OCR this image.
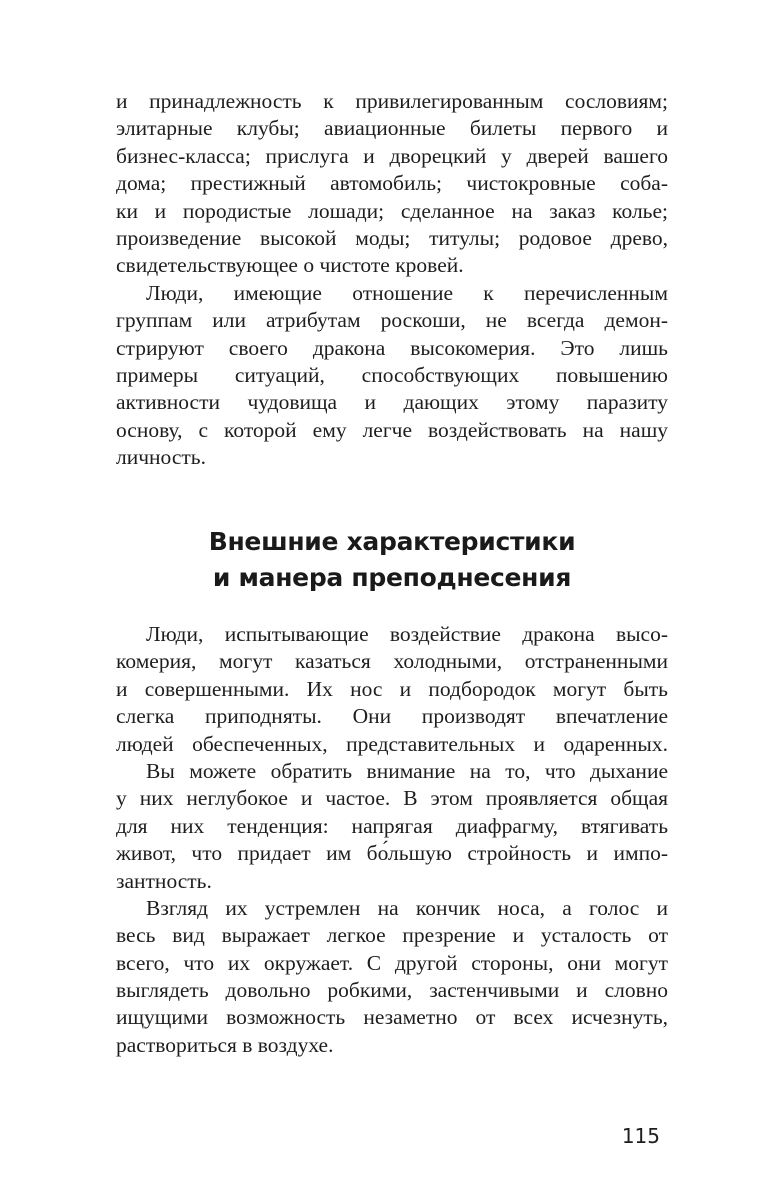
и принадлежность к привилегированным сословиям;
элитарные клубы; авиационные билеты первого и
бизнес-класса; прислуга и дворецкий у дверей вашего
дома; престижный автомобиль; чистокровные соба-
ки и породистые лошади; сделанное на заказ колье;
произведение высокой моды; титулы; родовое древо,
свидетельствующее о чистоте кровей.
Люди, имеющие отношение к перечисленным
группам или атрибутам роскоши, не всегда демон-
стрируют своего дракона высокомерия. Это лишь
примеры ситуаций, способствующих повышению
активности чудовища и дающих этому паразиту
основу, с которой ему легче воздействовать на нашу
личность.
Внешние характеристики
и манера преподнесения
Люди, испытывающие воздействие дракона высо-
комерия, могут казаться холодными, отстраненными
и совершенными. Их нос и подбородок могут быть
слегка приподняты. Они производят впечатление
людей обеспеченных, представительных и одаренных.
Вы можете обратить внимание на то, что дыхание
у них неглубокое и частое. В этом проявляется общая
для них тенденция: напрягая диафрагму, втягивать
живот, что придает им бо́льшую стройность и импо-
зантность.
Взгляд их устремлен на кончик носа, а голос и
весь вид выражает легкое презрение и усталость от
всего, что их окружает. С другой стороны, они могут
выглядеть довольно робкими, застенчивыми и словно
ищущими возможность незаметно от всех исчезнуть,
раствориться в воздухе.
115
